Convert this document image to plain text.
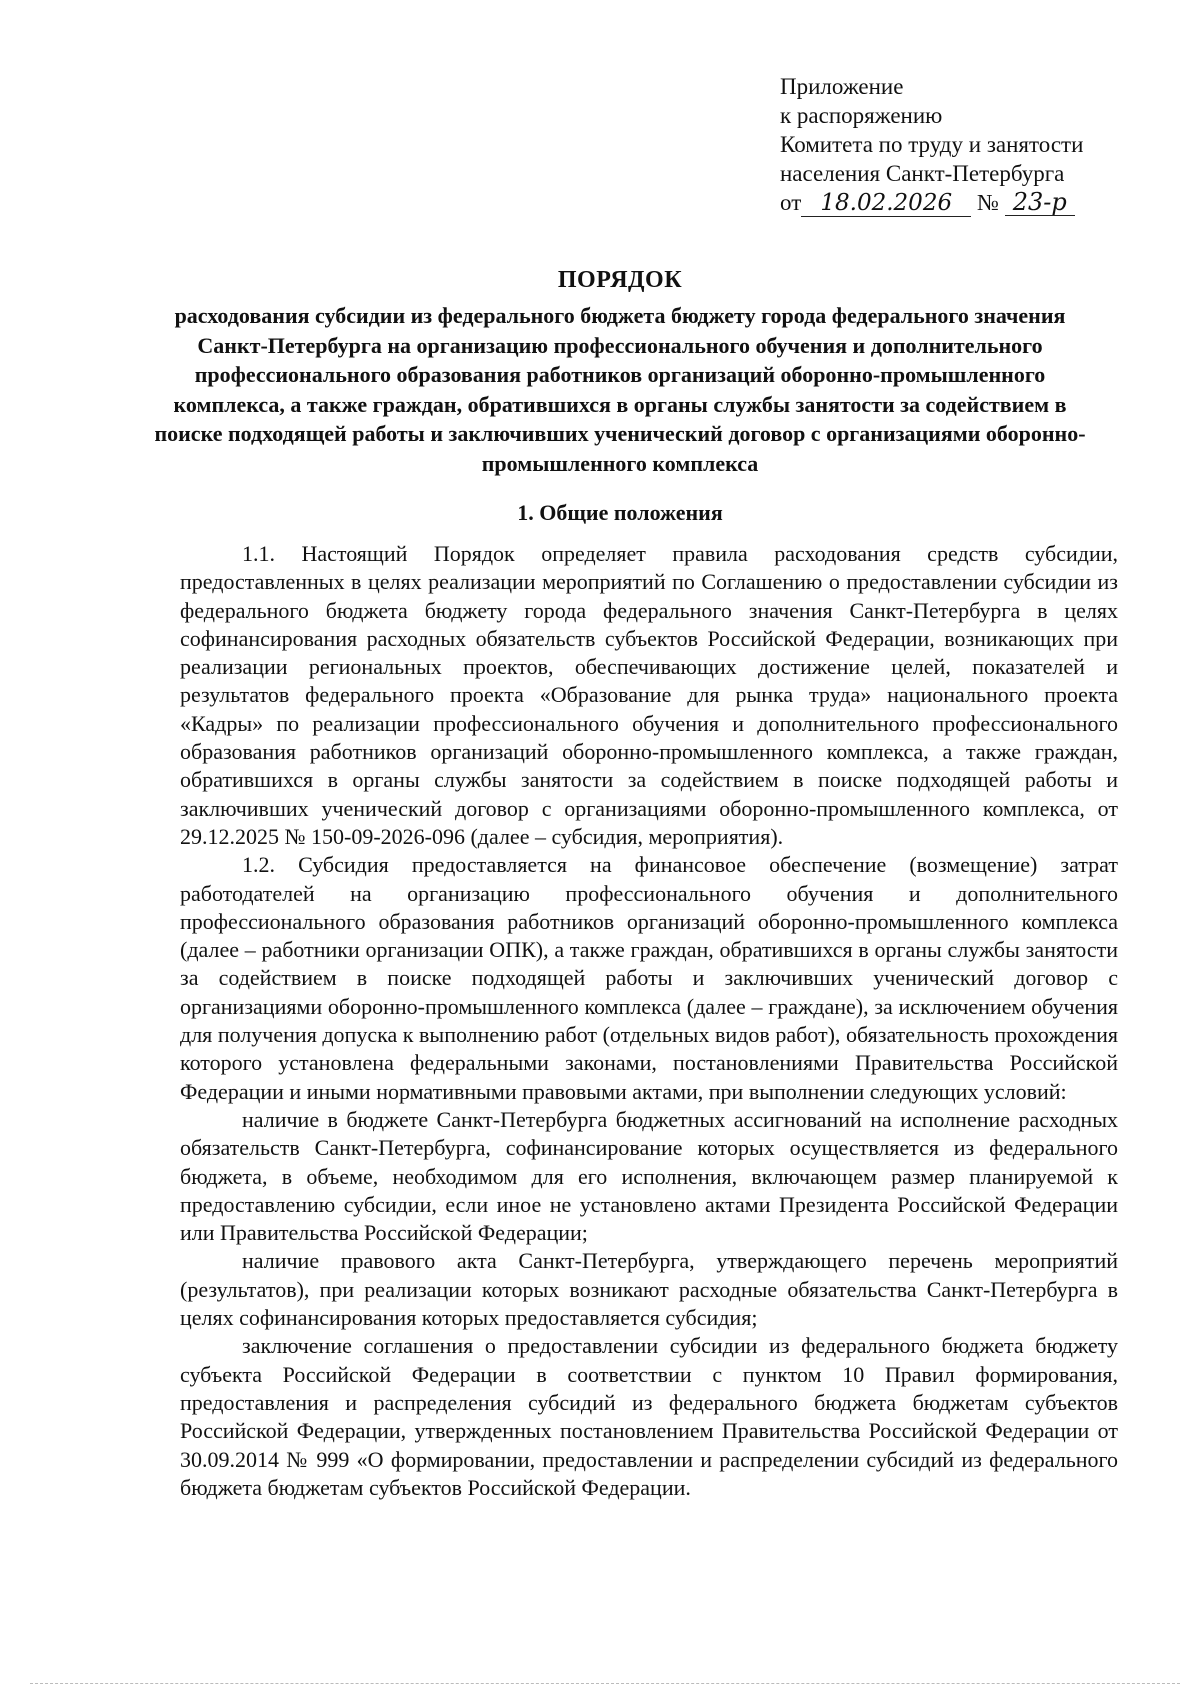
Приложение
к распоряжению
Комитета по труду и занятости
населения Санкт-Петербурга
от 18.02.2026 № 23-р
ПОРЯДОК
расходования субсидии из федерального бюджета бюджету города федерального значения Санкт-Петербурга на организацию профессионального обучения и дополнительного профессионального образования работников организаций оборонно-промышленного комплекса, а также граждан, обратившихся в органы службы занятости за содействием в поиске подходящей работы и заключивших ученический договор с организациями оборонно-промышленного комплекса
1. Общие положения

1.1. Настоящий Порядок определяет правила расходования средств субсидии, предоставленных в целях реализации мероприятий по Соглашению о предоставлении субсидии из федерального бюджета бюджету города федерального значения Санкт-Петербурга в целях софинансирования расходных обязательств субъектов Российской Федерации, возникающих при реализации региональных проектов, обеспечивающих достижение целей, показателей и результатов федерального проекта «Образование для рынка труда» национального проекта «Кадры» по реализации профессионального обучения и дополнительного профессионального образования работников организаций оборонно-промышленного комплекса, а также граждан, обратившихся в органы службы занятости за содействием в поиске подходящей работы и заключивших ученический договор с организациями оборонно-промышленного комплекса, от 29.12.2025 № 150-09-2026-096 (далее – субсидия, мероприятия).

1.2. Субсидия предоставляется на финансовое обеспечение (возмещение) затрат работодателей на организацию профессионального обучения и дополнительного профессионального образования работников организаций оборонно-промышленного комплекса (далее – работники организации ОПК), а также граждан, обратившихся в органы службы занятости за содействием в поиске подходящей работы и заключивших ученический договор с организациями оборонно-промышленного комплекса (далее – граждане), за исключением обучения для получения допуска к выполнению работ (отдельных видов работ), обязательность прохождения которого установлена федеральными законами, постановлениями Правительства Российской Федерации и иными нормативными правовыми актами, при выполнении следующих условий:

наличие в бюджете Санкт-Петербурга бюджетных ассигнований на исполнение расходных обязательств Санкт-Петербурга, софинансирование которых осуществляется из федерального бюджета, в объеме, необходимом для его исполнения, включающем размер планируемой к предоставлению субсидии, если иное не установлено актами Президента Российской Федерации или Правительства Российской Федерации;

наличие правового акта Санкт-Петербурга, утверждающего перечень мероприятий (результатов), при реализации которых возникают расходные обязательства Санкт-Петербурга в целях софинансирования которых предоставляется субсидия;

заключение соглашения о предоставлении субсидии из федерального бюджета бюджету субъекта Российской Федерации в соответствии с пунктом 10 Правил формирования, предоставления и распределения субсидий из федерального бюджета бюджетам субъектов Российской Федерации, утвержденных постановлением Правительства Российской Федерации от 30.09.2014 № 999 «О формировании, предоставлении и распределении субсидий из федерального бюджета бюджетам субъектов Российской Федерации.
